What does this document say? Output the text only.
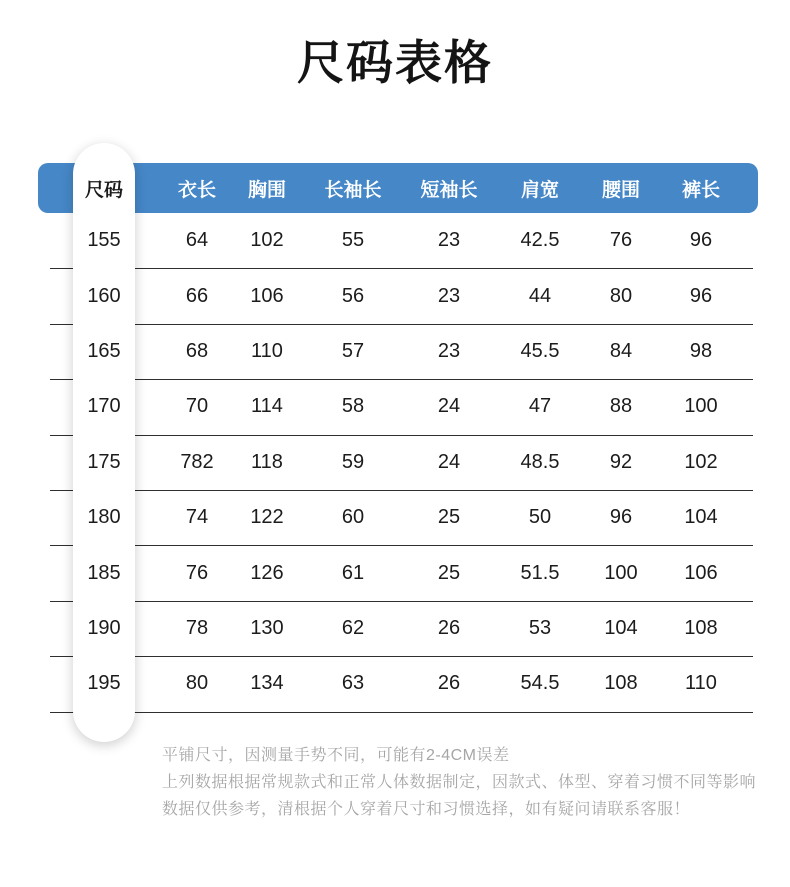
尺码表格
尺码	衣长	胸围	长袖长	短袖长	肩宽	腰围	裤长
155	64	102	55	23	42.5	76	96
160	66	106	56	23	44	80	96
165	68	110	57	23	45.5	84	98
170	70	114	58	24	47	88	100
175	782	118	59	24	48.5	92	102
180	74	122	60	25	50	96	104
185	76	126	61	25	51.5	100	106
190	78	130	62	26	53	104	108
195	80	134	63	26	54.5	108	110
平铺尺寸，因测量手势不同，可能有2-4CM误差
上列数据根据常规款式和正常人体数据制定，因款式、体型、穿着习惯不同等影响
数据仅供参考，清根据个人穿着尺寸和习惯选择，如有疑问请联系客服！
